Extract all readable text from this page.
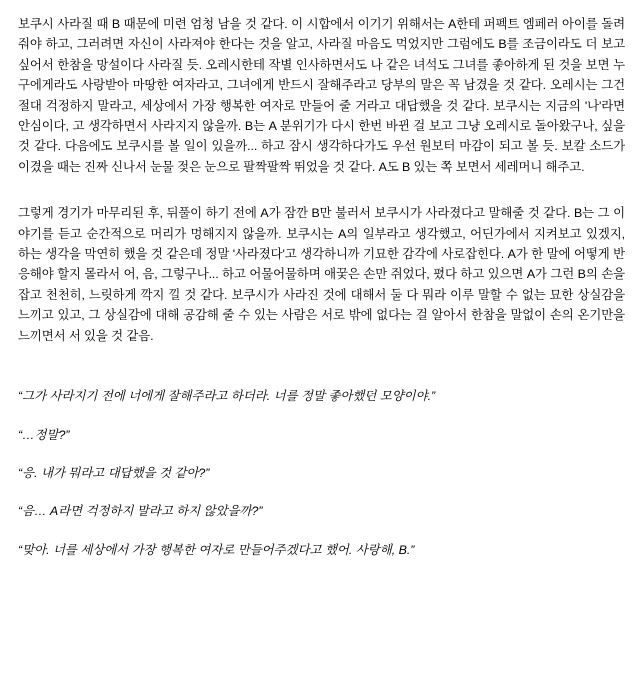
보쿠시 사라질 때 B 때문에 미련 엄청 남을 것 같다. 이 시합에서 이기기 위해서는 A한테 퍼펙트 엠페러 아이를 돌려줘야 하고, 그러려면 자신이 사라져야 한다는 것을 알고, 사라질 마음도 먹었지만 그럼에도 B를 조금이라도 더 보고 싶어서 한참을 망설이다 사라질 듯. 오레시한테 작별 인사하면서도 나 같은 녀석도 그녀를 좋아하게 된 것을 보면 누구에게라도 사랑받아 마땅한 여자라고, 그녀에게 반드시 잘해주라고 당부의 말은 꼭 남겼을 것 같다. 오레시는 그건 절대 걱정하지 말라고, 세상에서 가장 행복한 여자로 만들어 줄 거라고 대답했을 것 같다. 보쿠시는 지금의 '나'라면 안심이다, 고 생각하면서 사라지지 않을까. B는 A 분위기가 다시 한번 바뀐 걸 보고 그냥 오레시로 돌아왔구나, 싶을 것 같다. 다음에도 보쿠시를 볼 일이 있을까... 하고 잠시 생각하다가도 우선 원보터 마감이 되고 볼 듯. 보칼 소드가 이겼을 때는 진짜 신나서 눈물 젖은 눈으로 팔짝팔짝 뛰었을 것 같다. A도 B 있는 쪽 보면서 세레머니 해주고.

그렇게 경기가 마무리된 후, 뒤풀이 하기 전에 A가 잠깐 B만 불러서 보쿠시가 사라졌다고 말해줄 것 같다. B는 그 이야기를 듣고 순간적으로 머리가 멍해지지 않을까. 보쿠시는 A의 일부라고 생각했고, 어딘가에서 지켜보고 있겠지, 하는 생각을 막연히 했을 것 같은데 정말 '사라졌다'고 생각하니까 기묘한 감각에 사로잡힌다. A가 한 말에 어떻게 반응해야 할지 몰라서 어, 음, 그렇구나... 하고 어물어물하며 애꿎은 손만 쥐었다, 폈다 하고 있으면 A가 그런 B의 손을 잡고 천천히, 느릿하게 깍지 낄 것 같다. 보쿠시가 사라진 것에 대해서 둘 다 뭐라 이루 말할 수 없는 묘한 상실감을 느끼고 있고, 그 상실감에 대해 공감해 줄 수 있는 사람은 서로 밖에 없다는 걸 알아서 한참을 말없이 손의 온기만을 느끼면서 서 있을 것 같음.

“그가 사라지기 전에 너에게 잘해주라고 하더라. 너를 정말 좋아했던 모양이야.”

“…정말?”

“응. 내가 뭐라고 대답했을 것 같아?”

“음… A라면 걱정하지 말라고 하지 않았을까?”

“맞아. 너를 세상에서 가장 행복한 여자로 만들어주겠다고 했어. 사랑해, B.”
